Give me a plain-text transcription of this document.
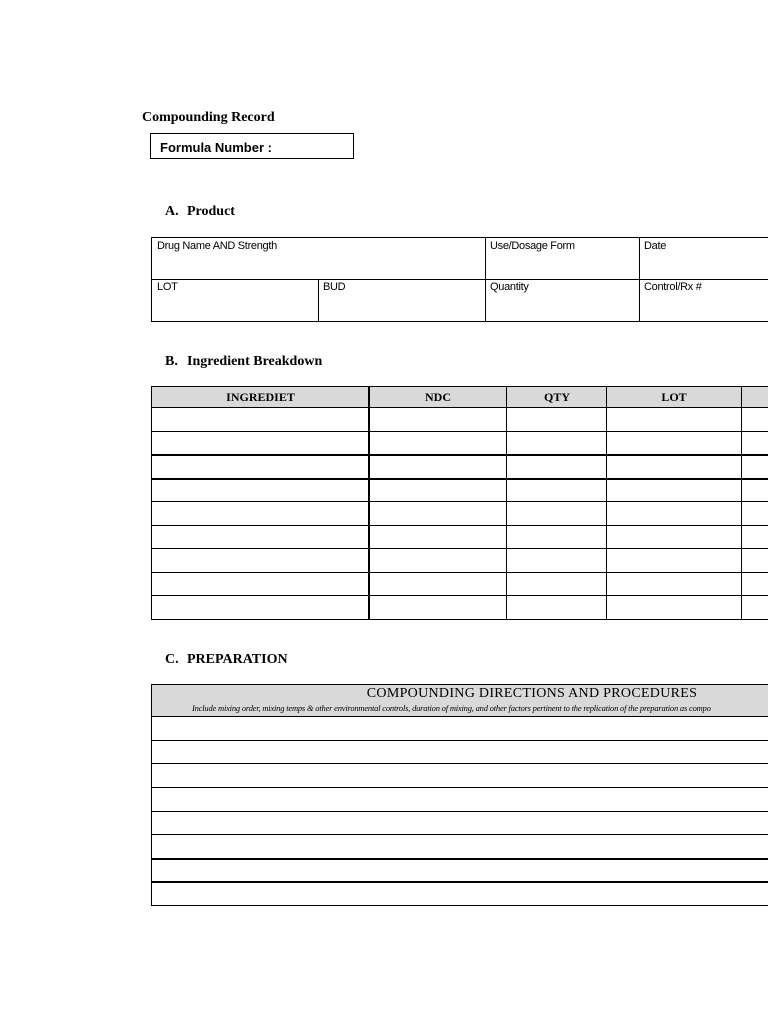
Compounding Record
Formula Number :
A. Product
Drug Name AND Strength	Use/Dosage Form	Date
LOT	BUD	Quantity	Control/Rx #
B. Ingredient Breakdown
INGREDIET	NDC	QTY	LOT
C. PREPARATION
COMPOUNDING DIRECTIONS AND PROCEDURES
Include mixing order, mixing temps & other environmental controls, duration of mixing, and other factors pertinent to the replication of the preparation as compo
